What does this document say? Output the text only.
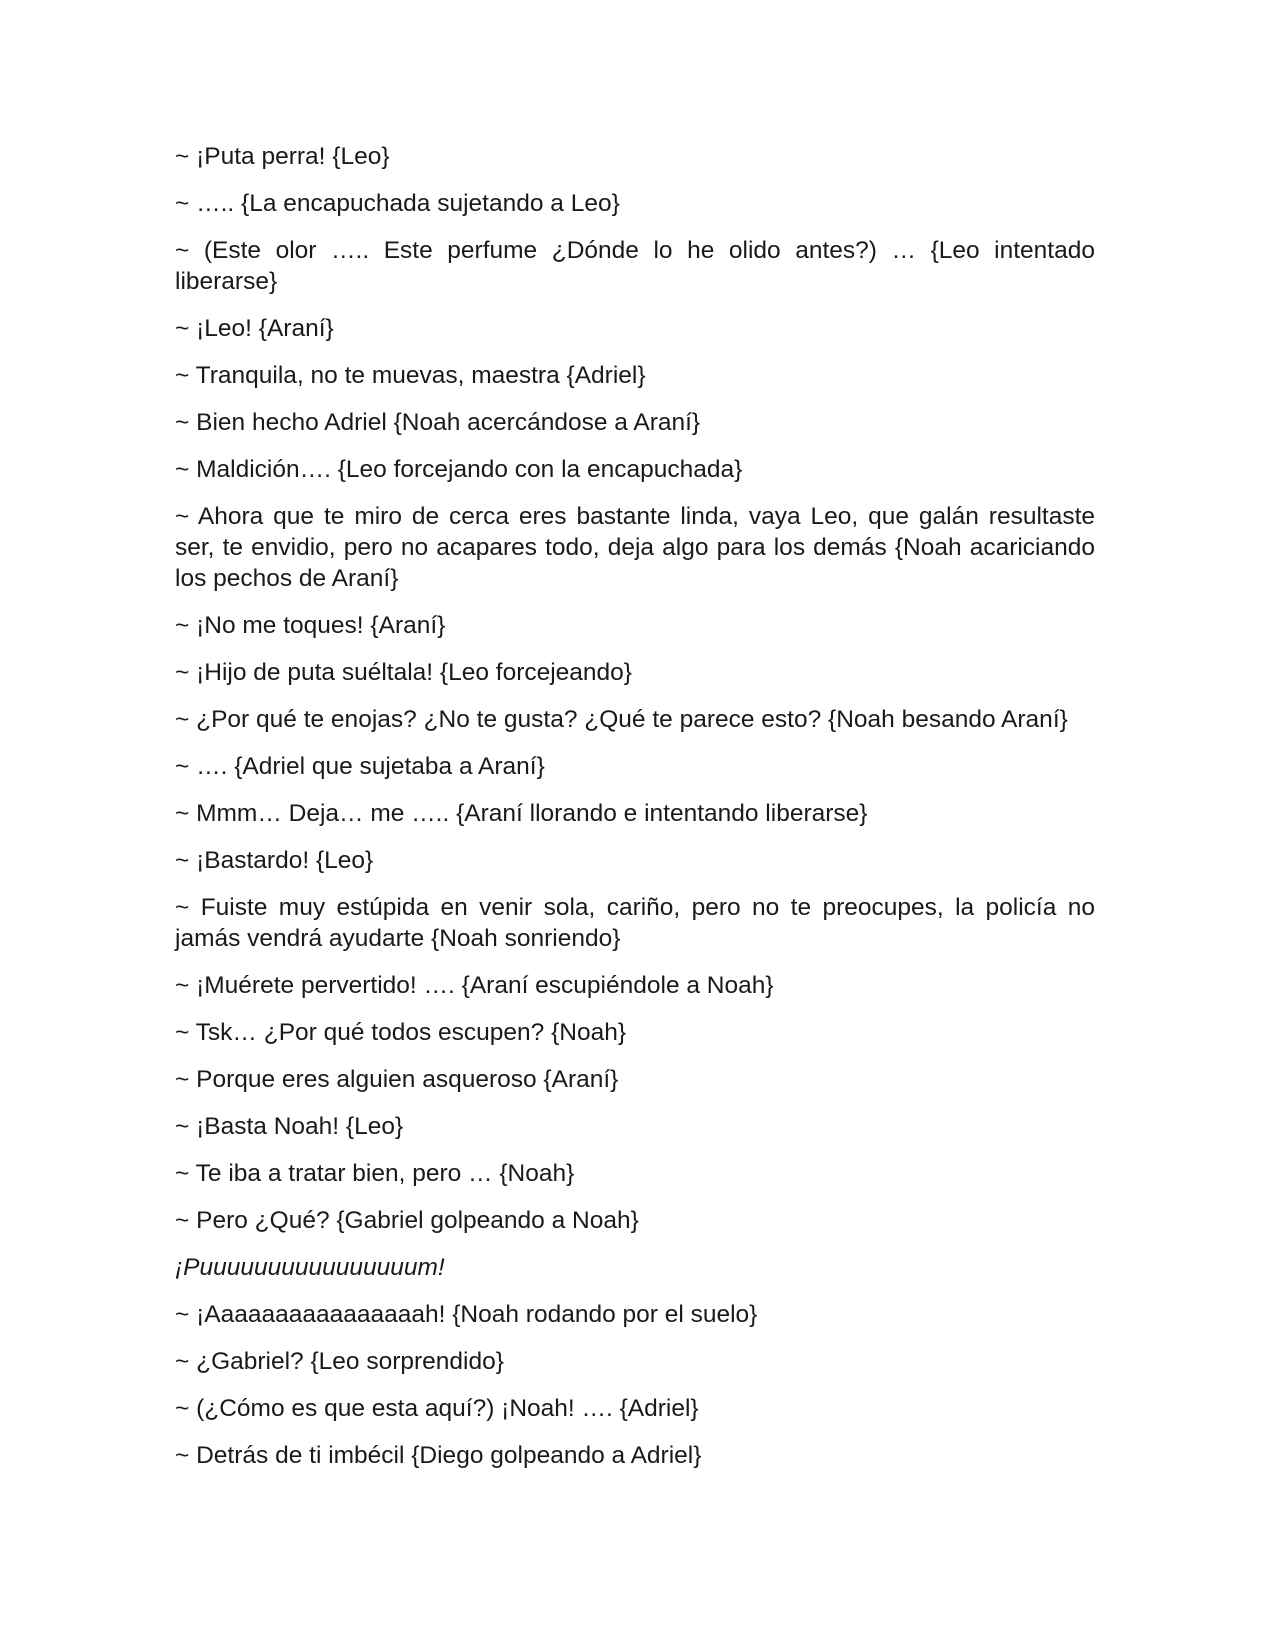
~ ¡Puta perra! {Leo}

~ ….. {La encapuchada sujetando a Leo}

~ (Este olor ….. Este perfume ¿Dónde lo he olido antes?) … {Leo intentado liberarse}

~ ¡Leo! {Araní}

~ Tranquila, no te muevas, maestra {Adriel}

~ Bien hecho Adriel {Noah acercándose a Araní}

~ Maldición…. {Leo forcejando con la encapuchada}

~ Ahora que te miro de cerca eres bastante linda, vaya Leo, que galán resultaste ser, te envidio, pero no acapares todo, deja algo para los demás {Noah acariciando los pechos de Araní}

~ ¡No me toques! {Araní}

~ ¡Hijo de puta suéltala! {Leo forcejeando}

~ ¿Por qué te enojas? ¿No te gusta? ¿Qué te parece esto? {Noah besando Araní}

~ …. {Adriel que sujetaba a Araní}

~ Mmm… Deja… me ….. {Araní llorando e intentando liberarse}

~ ¡Bastardo! {Leo}

~ Fuiste muy estúpida en venir sola, cariño, pero no te preocupes, la policía no jamás vendrá ayudarte {Noah sonriendo}

~ ¡Muérete pervertido! …. {Araní escupiéndole a Noah}

~ Tsk… ¿Por qué todos escupen? {Noah}

~ Porque eres alguien asqueroso {Araní}

~ ¡Basta Noah! {Leo}

~ Te iba a tratar bien, pero … {Noah}

~ Pero ¿Qué? {Gabriel golpeando a Noah}

¡Puuuuuuuuuuuuuuuum!

~ ¡Aaaaaaaaaaaaaaaah! {Noah rodando por el suelo}

~ ¿Gabriel? {Leo sorprendido}

~ (¿Cómo es que esta aquí?) ¡Noah! …. {Adriel}

~ Detrás de ti imbécil {Diego golpeando a Adriel}
